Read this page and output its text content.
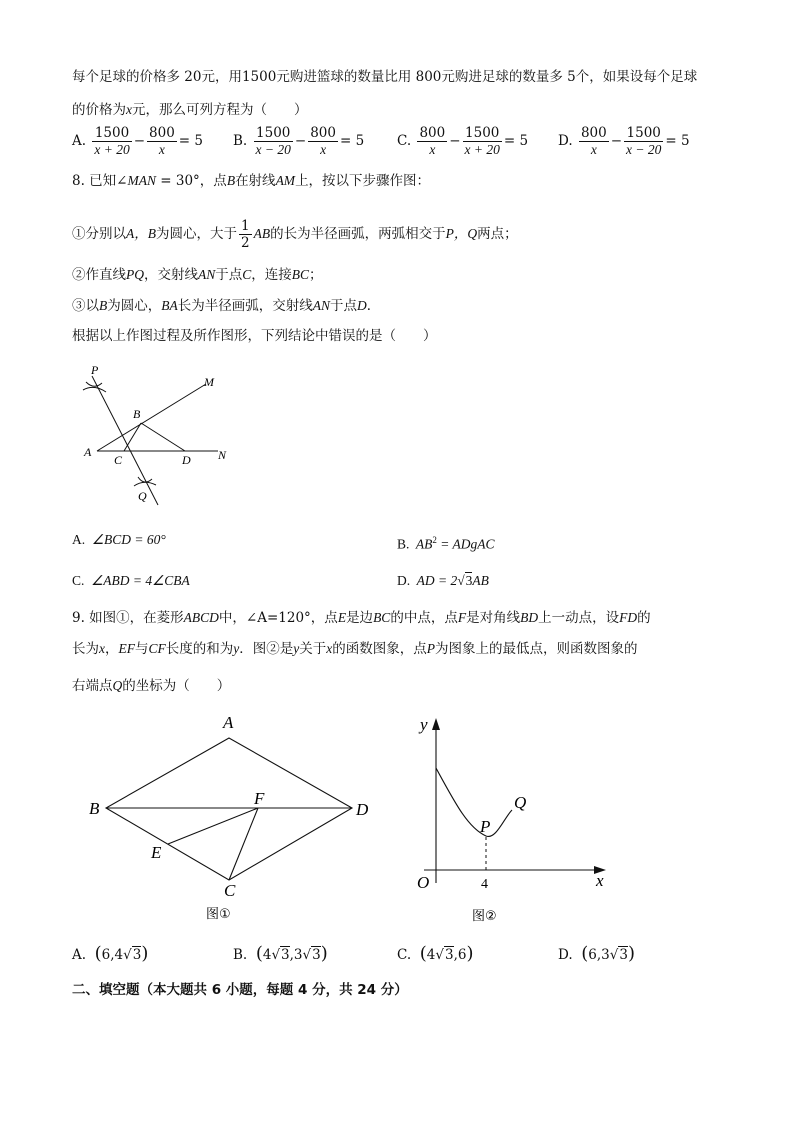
每个足球的价格多 20元，用1500元购进篮球的数量比用 800元购进足球的数量多 5个，如果设每个足球
的价格为x元，那么可列方程为（　　）
A. $\frac{1500}{x + 20} - \frac{800}{x} = 5$ B. $\frac{1500}{x - 20} - \frac{800}{x} = 5$ C. $\frac{800}{x} - \frac{1500}{x + 20} = 5$ D. $\frac{800}{x} - \frac{1500}{x - 20} = 5$
8. 已知∠MAN = 30°，点B在射线AM上，按以下步骤作图：
①分别以A，B为圆心，大于 $\frac{1}{2}$ AB的长为半径画弧，两弧相交于P，Q两点；
②作直线PQ，交射线AN于点C，连接BC；
③以B为圆心，BA长为半径画弧，交射线AN于点D．
根据以上作图过程及所作图形，下列结论中错误的是（　　）
P
M
B
A
C	D N
Q
A. ∠BCD = 60°	B. $AB^2$ = ADgAC
C. ∠ABD = 4∠CBA	D. AD = 2√3AB
9. 如图①，在菱形ABCD中，∠A=120°，点E是边BC的中点，点F是对角线BD上一动点，设FD的
长为x，EF与CF长度的和为y．图②是y关于x的函数图象，点P为图象上的最低点，则函数图象的
右端点Q的坐标为（　　）
A
B	D
C
E
F
图①
y
x
O
P
Q
4
图②
A. (6,4√3)	B. (4√3,3√3)	C. (4√3,6)	D. (6,3√3)
二、填空题（本大题共 6 小题，每题 4 分，共 24 分）
